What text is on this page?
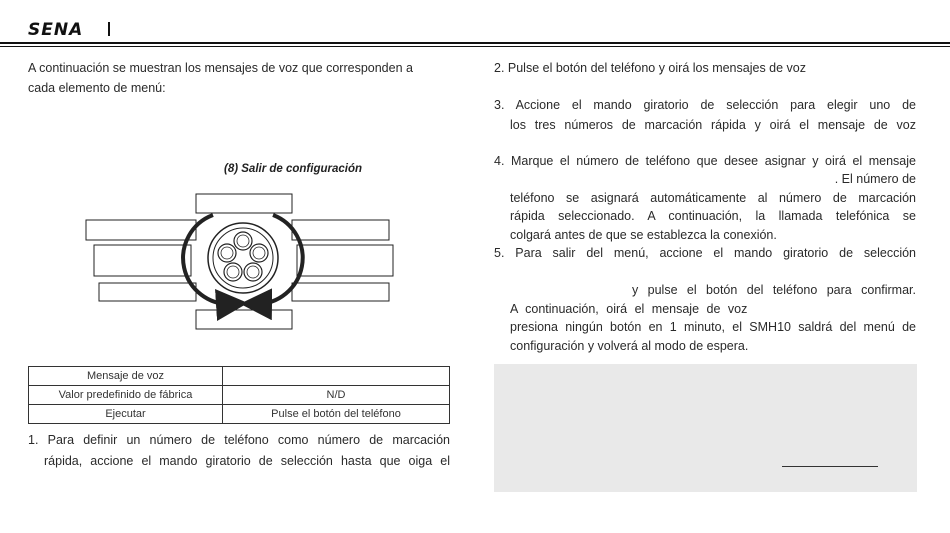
SENA
A continuación se muestran los mensajes de voz que corresponden a
cada elemento de menú:
(8) Salir de configuración
Mensaje de voz	
Valor predefinido de fábrica	N/D
Ejecutar	Pulse el botón del teléfono
1. Para definir un número de teléfono como número de marcación
rápida, accione el mando giratorio de selección hasta que oiga el
2. Pulse el botón del teléfono y oirá los mensajes de voz
3. Accione el mando giratorio de selección para elegir uno de
los tres números de marcación rápida y oirá el mensaje de voz
4. Marque el número de teléfono que desee asignar y oirá el mensaje
. El número de
teléfono se asignará automáticamente al número de marcación
rápida seleccionado. A continuación, la llamada telefónica se
colgará antes de que se establezca la conexión.
5. Para salir del menú, accione el mando giratorio de selección
y pulse el botón del teléfono para confirmar.
A continuación, oirá el mensaje de voz
presiona ningún botón en 1 minuto, el SMH10 saldrá del menú de
configuración y volverá al modo de espera.
